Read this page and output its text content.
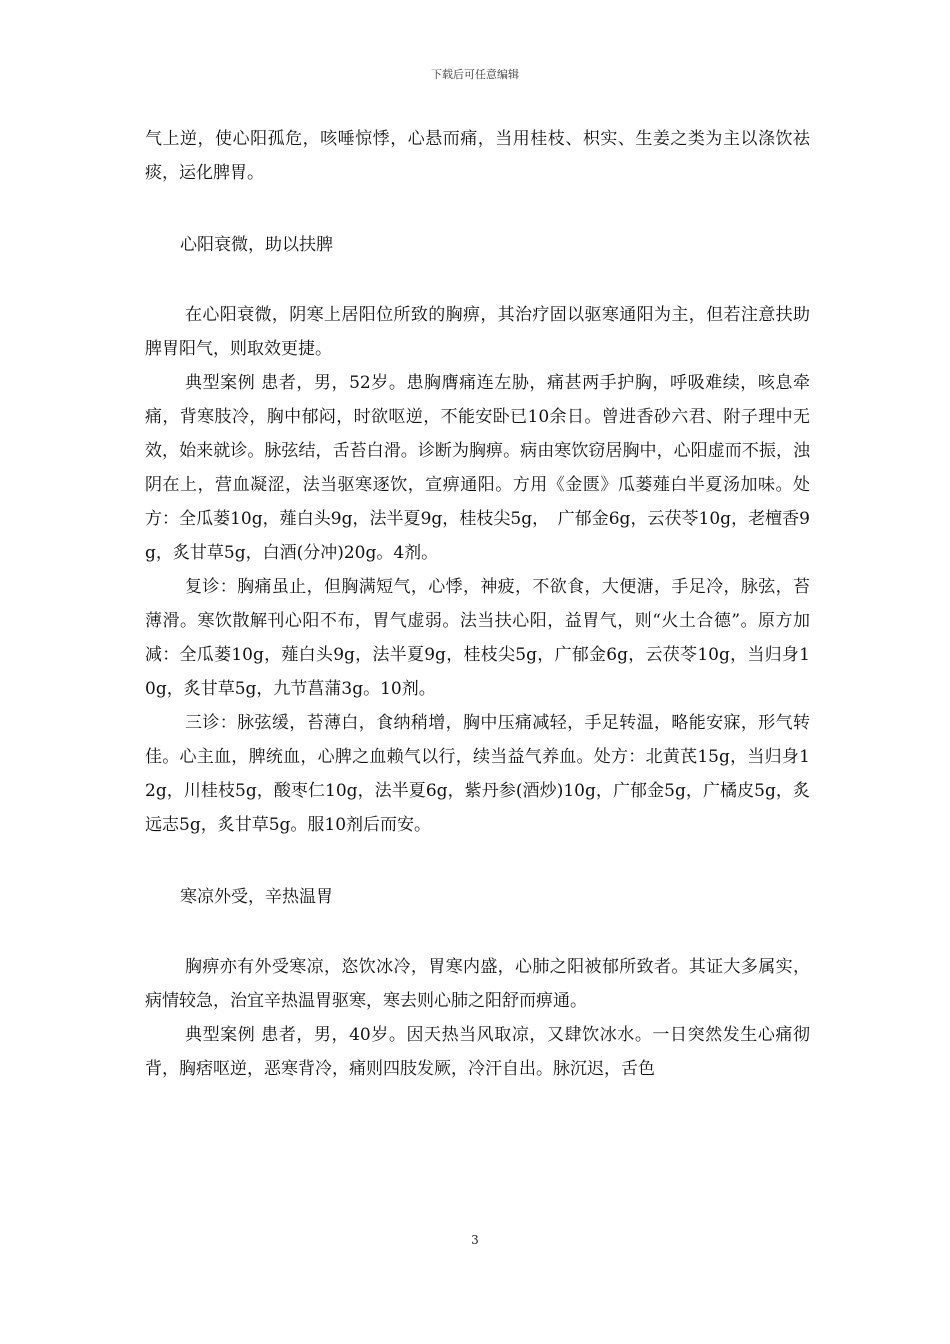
下载后可任意编辑

气上逆，使心阳孤危，咳唾惊悸，心悬而痛，当用桂枝、枳实、生姜之类为主以涤饮祛痰，运化脾胃。

心阳衰微，助以扶脾

在心阳衰微，阴寒上居阳位所致的胸痹，其治疗固以驱寒通阳为主，但若注意扶助脾胃阳气，则取效更捷。

典型案例 患者，男，52岁。患胸膺痛连左胁，痛甚两手护胸，呼吸难续，咳息牵痛，背寒肢冷，胸中郁闷，时欲呕逆，不能安卧已10余日。曾进香砂六君、附子理中无效，始来就诊。脉弦结，舌苔白滑。诊断为胸痹。病由寒饮窃居胸中，心阳虚而不振，浊阴在上，营血凝涩，法当驱寒逐饮，宣痹通阳。方用《金匮》瓜蒌薤白半夏汤加味。处方：全瓜蒌10g，薤白头9g，法半夏9g，桂枝尖5g，　广郁金6g，云茯苓10g，老檀香9g，炙甘草5g，白酒(分冲)20g。4剂。

复诊：胸痛虽止，但胸满短气，心悸，神疲，不欲食，大便溏，手足冷，脉弦，苔薄滑。寒饮散解刊心阳不布，胃气虚弱。法当扶心阳，益胃气，则“火土合德”。原方加减：全瓜蒌10g，薤白头9g，法半夏9g，桂枝尖5g，广郁金6g，云茯苓10g，当归身10g，炙甘草5g，九节菖蒲3g。10剂。

三诊：脉弦缓，苔薄白，食纳稍增，胸中压痛减轻，手足转温，略能安寐，形气转佳。心主血，脾统血，心脾之血赖气以行，续当益气养血。处方：北黄芪15g，当归身12g，川桂枝5g，酸枣仁10g，法半夏6g，紫丹参(酒炒)10g，广郁金5g，广橘皮5g，炙远志5g，炙甘草5g。服10剂后而安。

寒凉外受，辛热温胃

胸痹亦有外受寒凉，恣饮冰冷，胃寒内盛，心肺之阳被郁所致者。其证大多属实，病情较急，治宜辛热温胃驱寒，寒去则心肺之阳舒而痹通。

典型案例 患者，男，40岁。因天热当风取凉，又肆饮冰水。一日突然发生心痛彻背，胸痞呕逆，恶寒背冷，痛则四肢发厥，冷汗自出。脉沉迟，舌色

3
